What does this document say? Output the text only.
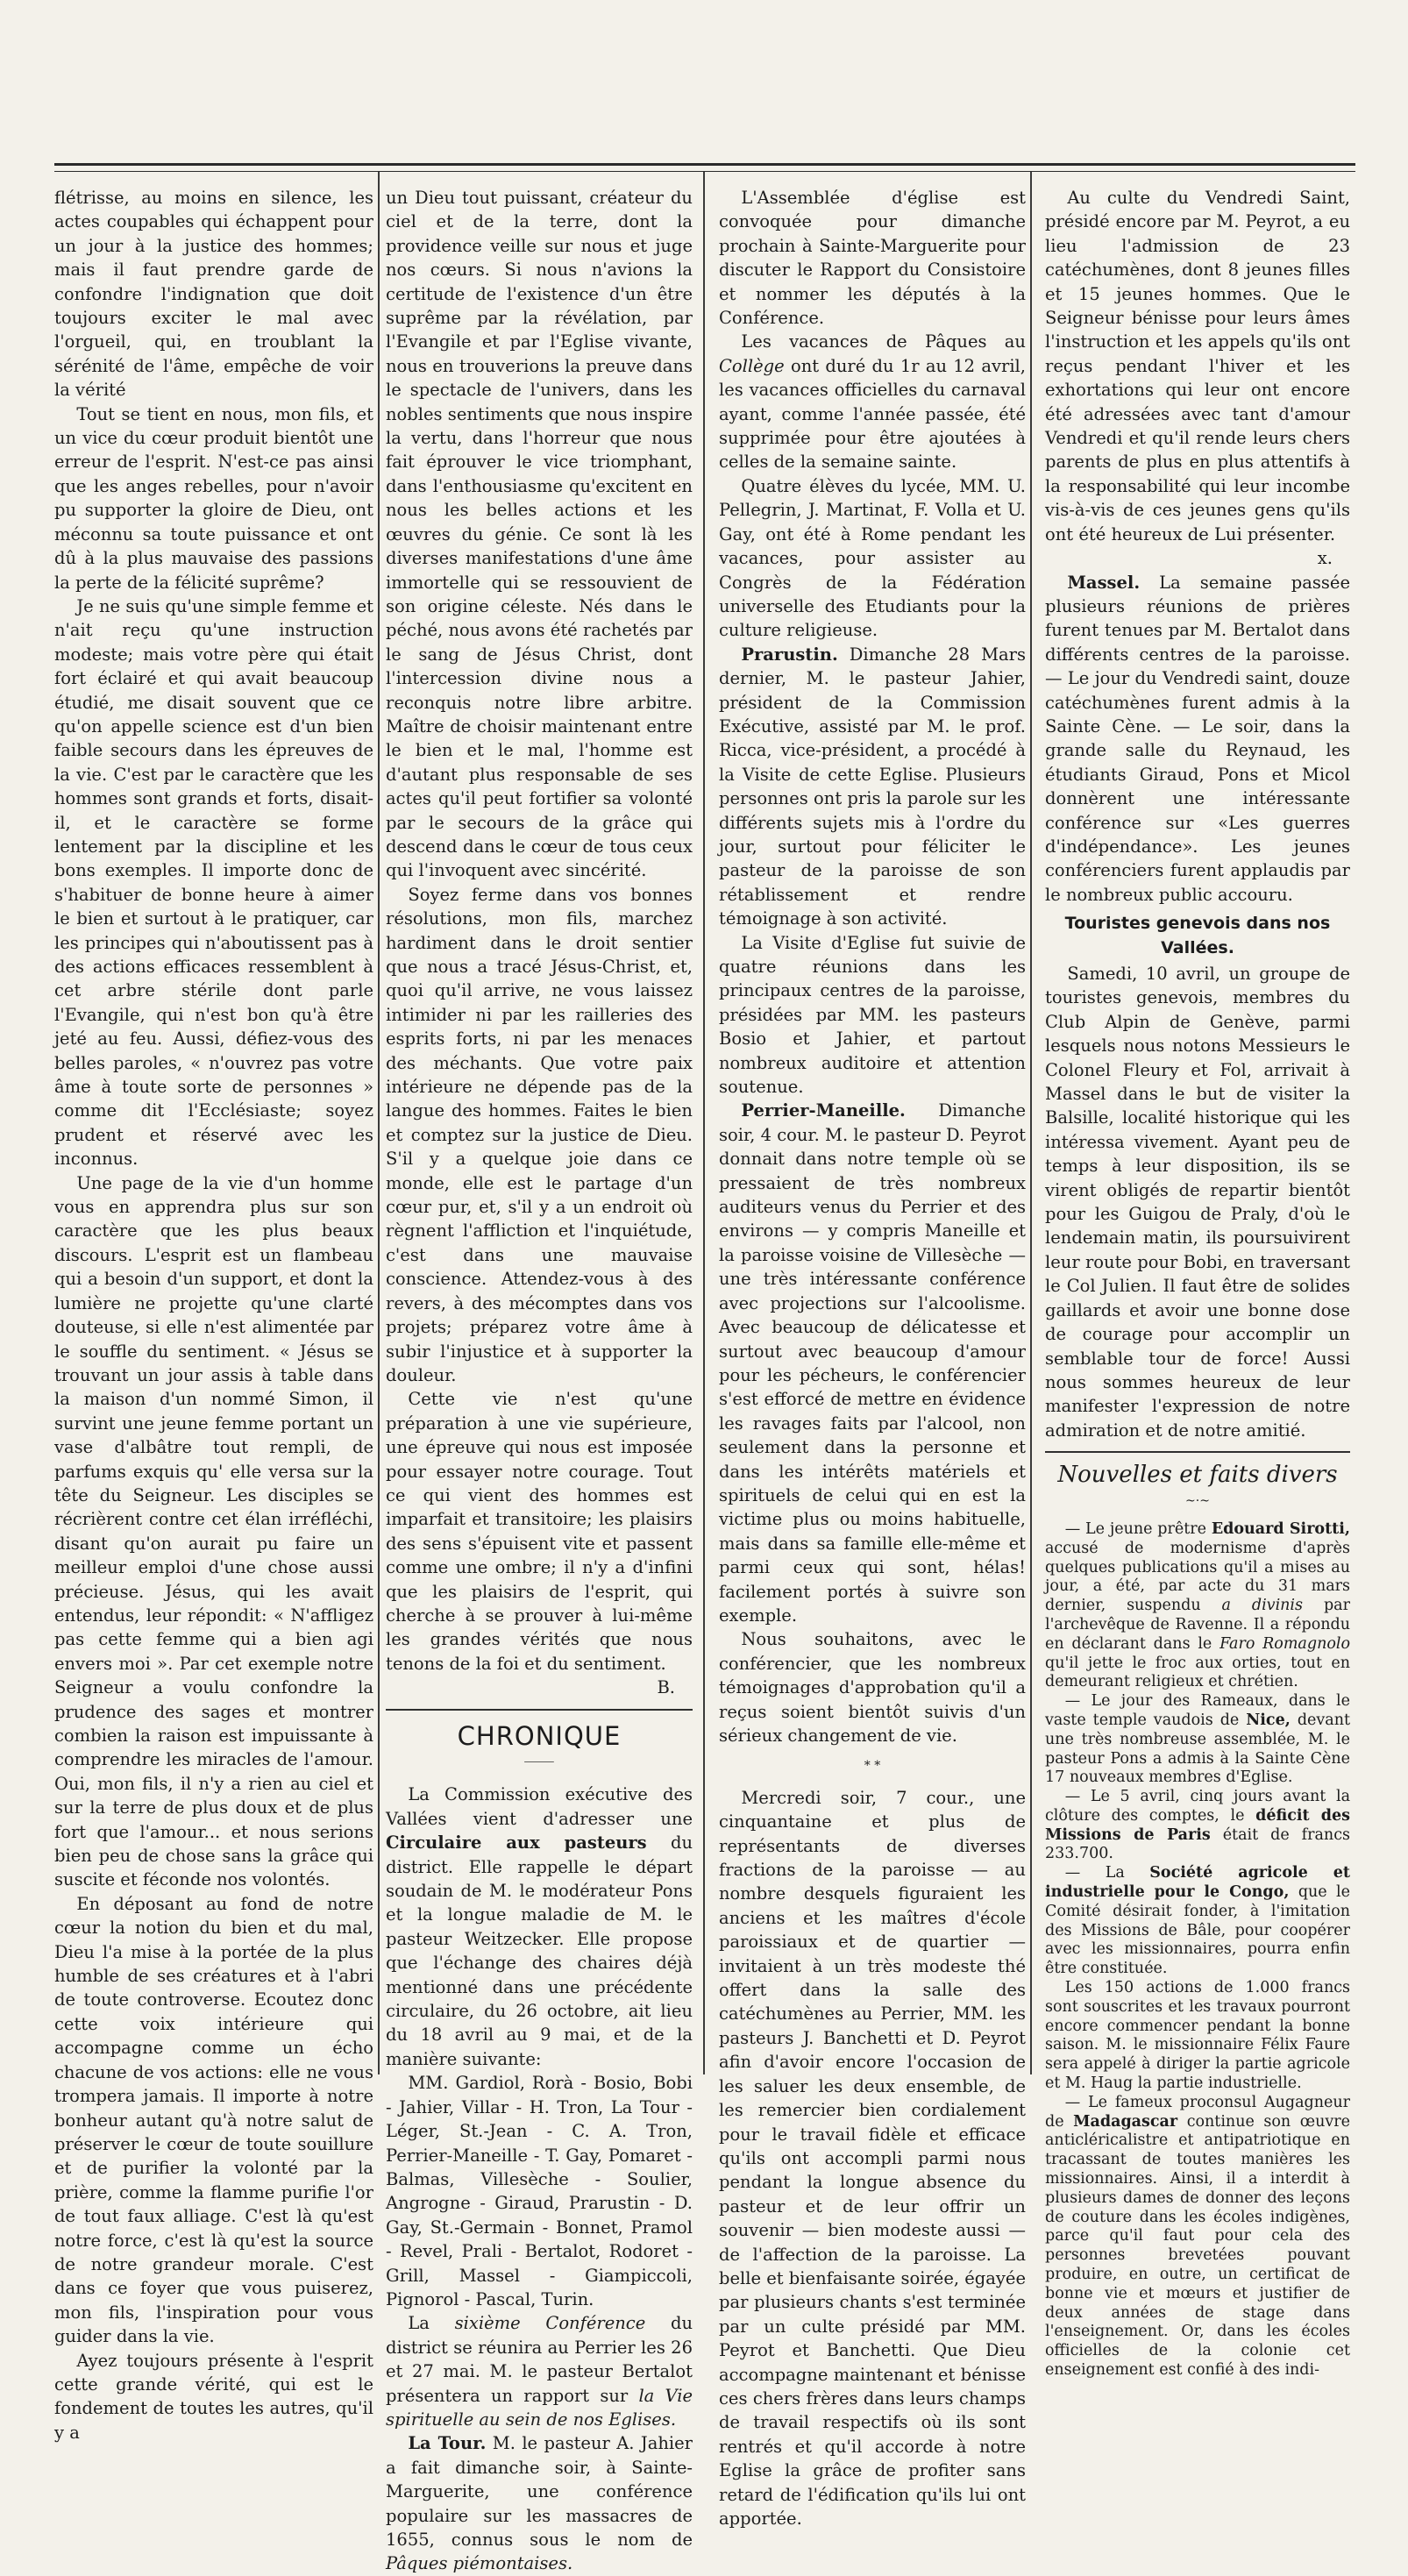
flétrisse, au moins en silence, les actes coupables qui échappent pour un jour à la justice des hommes; mais il faut prendre garde de confondre l'indignation que doit toujours exciter le mal avec l'orgueil, qui, en troublant la sérénité de l'âme, empêche de voir la vérité

Tout se tient en nous, mon fils, et un vice du cœur produit bientôt une erreur de l'esprit. N'est-ce pas ainsi que les anges rebelles, pour n'avoir pu supporter la gloire de Dieu, ont méconnu sa toute puissance et ont dû à la plus mauvaise des passions la perte de la félicité suprême?

Je ne suis qu'une simple femme et n'ait reçu qu'une instruction modeste; mais votre père qui était fort éclairé et qui avait beaucoup étudié, me disait souvent que ce qu'on appelle science est d'un bien faible secours dans les épreuves de la vie. C'est par le caractère que les hommes sont grands et forts, disait-il, et le caractère se forme lentement par la discipline et les bons exemples. Il importe donc de s'habituer de bonne heure à aimer le bien et surtout à le pratiquer, car les principes qui n'aboutissent pas à des actions efficaces ressemblent à cet arbre stérile dont parle l'Evangile, qui n'est bon qu'à être jeté au feu. Aussi, défiez-vous des belles paroles, « n'ouvrez pas votre âme à toute sorte de personnes » comme dit l'Ecclésiaste; soyez prudent et réservé avec les inconnus.

Une page de la vie d'un homme vous en apprendra plus sur son caractère que les plus beaux discours. L'esprit est un flambeau qui a besoin d'un support, et dont la lumière ne projette qu'une clarté douteuse, si elle n'est alimentée par le souffle du sentiment. « Jésus se trouvant un jour assis à table dans la maison d'un nommé Simon, il survint une jeune femme portant un vase d'albâtre tout rempli, de parfums exquis qu' elle versa sur la tête du Seigneur. Les disciples se récrièrent contre cet élan irréfléchi, disant qu'on aurait pu faire un meilleur emploi d'une chose aussi précieuse. Jésus, qui les avait entendus, leur répondit: « N'affligez pas cette femme qui a bien agi envers moi ». Par cet exemple notre Seigneur a voulu confondre la prudence des sages et montrer combien la raison est impuissante à comprendre les miracles de l'amour. Oui, mon fils, il n'y a rien au ciel et sur la terre de plus doux et de plus fort que l'amour... et nous serions bien peu de chose sans la grâce qui suscite et féconde nos volontés.

En déposant au fond de notre cœur la notion du bien et du mal, Dieu l'a mise à la portée de la plus humble de ses créatures et à l'abri de toute controverse. Ecoutez donc cette voix intérieure qui accompagne comme un écho chacune de vos actions: elle ne vous trompera jamais. Il importe à notre bonheur autant qu'à notre salut de préserver le cœur de toute souillure et de purifier la volonté par la prière, comme la flamme purifie l'or de tout faux alliage. C'est là qu'est notre force, c'est là qu'est la source de notre grandeur morale. C'est dans ce foyer que vous puiserez, mon fils, l'inspiration pour vous guider dans la vie.

Ayez toujours présente à l'esprit cette grande vérité, qui est le fondement de toutes les autres, qu'il y a

un Dieu tout puissant, créateur du ciel et de la terre, dont la providence veille sur nous et juge nos cœurs. Si nous n'avions la certitude de l'existence d'un être suprême par la révélation, par l'Evangile et par l'Eglise vivante, nous en trouverions la preuve dans le spectacle de l'univers, dans les nobles sentiments que nous inspire la vertu, dans l'horreur que nous fait éprouver le vice triomphant, dans l'enthousiasme qu'excitent en nous les belles actions et les œuvres du génie. Ce sont là les diverses manifestations d'une âme immortelle qui se ressouvient de son origine céleste. Nés dans le péché, nous avons été rachetés par le sang de Jésus Christ, dont l'intercession divine nous a reconquis notre libre arbitre. Maître de choisir maintenant entre le bien et le mal, l'homme est d'autant plus responsable de ses actes qu'il peut fortifier sa volonté par le secours de la grâce qui descend dans le cœur de tous ceux qui l'invoquent avec sincérité.

Soyez ferme dans vos bonnes résolutions, mon fils, marchez hardiment dans le droit sentier que nous a tracé Jésus-Christ, et, quoi qu'il arrive, ne vous laissez intimider ni par les railleries des esprits forts, ni par les menaces des méchants. Que votre paix intérieure ne dépende pas de la langue des hommes. Faites le bien et comptez sur la justice de Dieu. S'il y a quelque joie dans ce monde, elle est le partage d'un cœur pur, et, s'il y a un endroit où règnent l'affliction et l'inquiétude, c'est dans une mauvaise conscience. Attendez-vous à des revers, à des mécomptes dans vos projets; préparez votre âme à subir l'injustice et à supporter la douleur.

Cette vie n'est qu'une préparation à une vie supérieure, une épreuve qui nous est imposée pour essayer notre courage. Tout ce qui vient des hommes est imparfait et transitoire; les plaisirs des sens s'épuisent vite et passent comme une ombre; il n'y a d'infini que les plaisirs de l'esprit, qui cherche à se prouver à lui-même les grandes vérités que nous tenons de la foi et du sentiment.

B.
CHRONIQUE
⸻

La Commission exécutive des Vallées vient d'adresser une Circulaire aux pasteurs du district. Elle rappelle le départ soudain de M. le modérateur Pons et la longue maladie de M. le pasteur Weitzecker. Elle propose que l'échange des chaires déjà mentionné dans une précédente circulaire, du 26 octobre, ait lieu du 18 avril au 9 mai, et de la manière suivante:

MM. Gardiol, Rorà - Bosio, Bobi - Jahier, Villar - H. Tron, La Tour - Léger, St.-Jean - C. A. Tron, Perrier-Maneille - T. Gay, Pomaret - Balmas, Villesèche - Soulier, Angrogne - Giraud, Prarustin - D. Gay, St.-Germain - Bonnet, Pramol - Revel, Prali - Bertalot, Rodoret - Grill, Massel - Giampiccoli, Pignorol - Pascal, Turin.

La sixième Conférence du district se réunira au Perrier les 26 et 27 mai. M. le pasteur Bertalot présentera un rapport sur la Vie spirituelle au sein de nos Eglises.

La Tour. M. le pasteur A. Jahier a fait dimanche soir, à Sainte-Marguerite, une conférence populaire sur les massacres de 1655, connus sous le nom de Pâques piémontaises.

L'Assemblée d'église est convoquée pour dimanche prochain à Sainte-Marguerite pour discuter le Rapport du Consistoire et nommer les députés à la Conférence.

Les vacances de Pâques au Collège ont duré du 1r au 12 avril, les vacances officielles du carnaval ayant, comme l'année passée, été supprimée pour être ajoutées à celles de la semaine sainte.

Quatre élèves du lycée, MM. U. Pellegrin, J. Martinat, F. Volla et U. Gay, ont été à Rome pendant les vacances, pour assister au Congrès de la Fédération universelle des Etudiants pour la culture religieuse.

Prarustin. Dimanche 28 Mars dernier, M. le pasteur Jahier, président de la Commission Exécutive, assisté par M. le prof. Ricca, vice-président, a procédé à la Visite de cette Eglise. Plusieurs personnes ont pris la parole sur les différents sujets mis à l'ordre du jour, surtout pour féliciter le pasteur de la paroisse de son rétablissement et rendre témoignage à son activité.

La Visite d'Eglise fut suivie de quatre réunions dans les principaux centres de la paroisse, présidées par MM. les pasteurs Bosio et Jahier, et partout nombreux auditoire et attention soutenue.

Perrier-Maneille. Dimanche soir, 4 cour. M. le pasteur D. Peyrot donnait dans notre temple où se pressaient de très nombreux auditeurs venus du Perrier et des environs — y compris Maneille et la paroisse voisine de Villesèche — une très intéressante conférence avec projections sur l'alcoolisme. Avec beaucoup de délicatesse et surtout avec beaucoup d'amour pour les pécheurs, le conférencier s'est efforcé de mettre en évidence les ravages faits par l'alcool, non seulement dans la personne et dans les intérêts matériels et spirituels de celui qui en est la victime plus ou moins habituelle, mais dans sa famille elle-même et parmi ceux qui sont, hélas! facilement portés à suivre son exemple.

Nous souhaitons, avec le conférencier, que les nombreux témoignages d'approbation qu'il a reçus soient bientôt suivis d'un sérieux changement de vie.

* *

Mercredi soir, 7 cour., une cinquantaine et plus de représentants de diverses fractions de la paroisse — au nombre desquels figuraient les anciens et les maîtres d'école paroissiaux et de quartier — invitaient à un très modeste thé offert dans la salle des catéchumènes au Perrier, MM. les pasteurs J. Banchetti et D. Peyrot afin d'avoir encore l'occasion de les saluer les deux ensemble, de les remercier bien cordialement pour le travail fidèle et efficace qu'ils ont accompli parmi nous pendant la longue absence du pasteur et de leur offrir un souvenir — bien modeste aussi — de l'affection de la paroisse. La belle et bienfaisante soirée, égayée par plusieurs chants s'est terminée par un culte présidé par MM. Peyrot et Banchetti. Que Dieu accompagne maintenant et bénisse ces chers frères dans leurs champs de travail respectifs où ils sont rentrés et qu'il accorde à notre Eglise la grâce de profiter sans retard de l'édification qu'ils lui ont apportée.

Au culte du Vendredi Saint, présidé encore par M. Peyrot, a eu lieu l'admission de 23 catéchumènes, dont 8 jeunes filles et 15 jeunes hommes. Que le Seigneur bénisse pour leurs âmes l'instruction et les appels qu'ils ont reçus pendant l'hiver et les exhortations qui leur ont encore été adressées avec tant d'amour Vendredi et qu'il rende leurs chers parents de plus en plus attentifs à la responsabilité qui leur incombe vis-à-vis de ces jeunes gens qu'ils ont été heureux de Lui présenter.

x.

Massel. La semaine passée plusieurs réunions de prières furent tenues par M. Bertalot dans différents centres de la paroisse. — Le jour du Vendredi saint, douze catéchumènes furent admis à la Sainte Cène. — Le soir, dans la grande salle du Reynaud, les étudiants Giraud, Pons et Micol donnèrent une intéressante conférence sur «Les guerres d'indépendance». Les jeunes conférenciers furent applaudis par le nombreux public accouru.

Touristes genevois dans nos Vallées.

Samedi, 10 avril, un groupe de touristes genevois, membres du Club Alpin de Genève, parmi lesquels nous notons Messieurs le Colonel Fleury et Fol, arrivait à Massel dans le but de visiter la Balsille, localité historique qui les intéressa vivement. Ayant peu de temps à leur disposition, ils se virent obligés de repartir bientôt pour les Guigou de Praly, d'où le lendemain matin, ils poursuivirent leur route pour Bobi, en traversant le Col Julien. Il faut être de solides gaillards et avoir une bonne dose de courage pour accomplir un semblable tour de force! Aussi nous sommes heureux de leur manifester l'expression de notre admiration et de notre amitié.

Nouvelles et faits divers
~·~

— Le jeune prêtre Edouard Sirotti, accusé de modernisme d'après quelques publications qu'il a mises au jour, a été, par acte du 31 mars dernier, suspendu a divinis par l'archevêque de Ravenne. Il a répondu en déclarant dans le Faro Romagnolo qu'il jette le froc aux orties, tout en demeurant religieux et chrétien.

— Le jour des Rameaux, dans le vaste temple vaudois de Nice, devant une très nombreuse assemblée, M. le pasteur Pons a admis à la Sainte Cène 17 nouveaux membres d'Eglise.

— Le 5 avril, cinq jours avant la clôture des comptes, le déficit des Missions de Paris était de francs 233.700.

— La Société agricole et industrielle pour le Congo, que le Comité désirait fonder, à l'imitation des Missions de Bâle, pour coopérer avec les missionnaires, pourra enfin être constituée.

Les 150 actions de 1.000 francs sont souscrites et les travaux pourront encore commencer pendant la bonne saison. M. le missionnaire Félix Faure sera appelé à diriger la partie agricole et M. Haug la partie industrielle.

— Le fameux proconsul Augagneur de Madagascar continue son œuvre anticléricalistre et antipatriotique en tracassant de toutes manières les missionnaires. Ainsi, il a interdit à plusieurs dames de donner des leçons de couture dans les écoles indigènes, parce qu'il faut pour cela des personnes brevetées pouvant produire, en outre, un certificat de bonne vie et mœurs et justifier de deux années de stage dans l'enseignement. Or, dans les écoles officielles de la colonie cet enseignement est confié à des indi-
